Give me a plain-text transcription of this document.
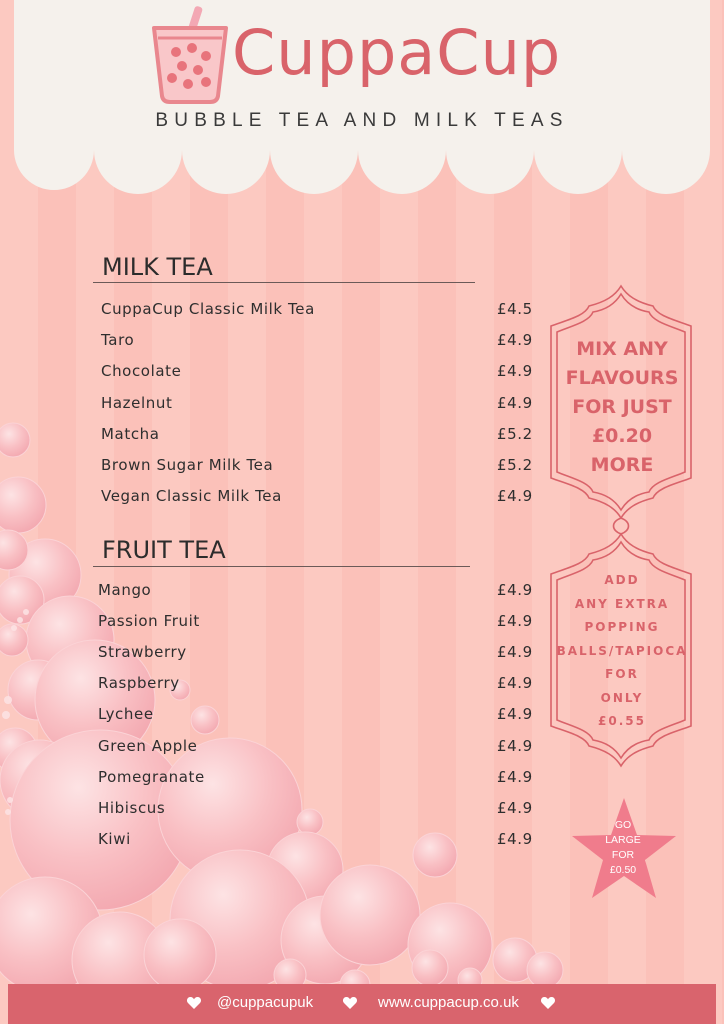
CuppaCup
BUBBLE TEA AND MILK TEAS
MILK TEA
CuppaCup Classic Milk Tea	£4.5
Taro	£4.9
Chocolate	£4.9
Hazelnut	£4.9
Matcha	£5.2
Brown Sugar Milk Tea	£5.2
Vegan Classic Milk Tea	£4.9
FRUIT TEA
Mango	£4.9
Passion Fruit	£4.9
Strawberry	£4.9
Raspberry	£4.9
Lychee	£4.9
Green Apple	£4.9
Pomegranate	£4.9
Hibiscus	£4.9
Kiwi	£4.9
MIX ANY
FLAVOURS
FOR JUST
£0.20
MORE
ADD
ANY EXTRA
POPPING
BALLS/TAPIOCA
FOR
ONLY
£0.55
GO
LARGE
FOR
£0.50
@cuppacupuk	www.cuppacup.co.uk
